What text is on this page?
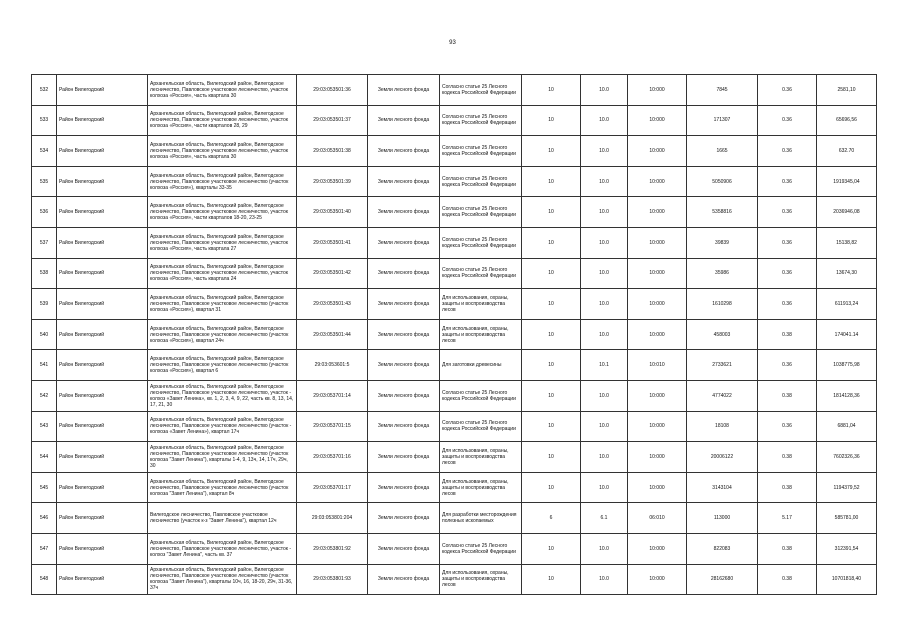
93
532	Район Вилегодский	Архангельская область, Вилегодский район, Вилегодское лесничество, Павловское участковое лесничество, участок колхоза «Россия», часть квартала 30	29:03:053501:36	Земли лесного фонда	Согласно статье 25 Лесного кодекса Российской Федерации	10	10.0	10:000	7845	0.36	2581,10
533	Район Вилегодский	Архангельская область, Вилегодский район, Вилегодское лесничество, Павловское участковое лесничество, участок колхоза «Россия», части кварталов 28, 29	29:03:053501:37	Земли лесного фонда	Согласно статье 25 Лесного кодекса Российской Федерации	10	10.0	10:000	171307	0.36	65696,56
534	Район Вилегодский	Архангельская область, Вилегодский район, Вилегодское лесничество, Павловское участковое лесничество, участок колхоза «Россия», часть квартала 30	29:03:053501:38	Земли лесного фонда	Согласно статье 25 Лесного кодекса Российской Федерации	10	10.0	10:000	1665	0.36	632.70
535	Район Вилегодский	Архангельская область, Вилегодский район, Вилегодское лесничество, Павловское участковое лесничество (участок колхоза «Россия»), кварталы 33-35	29:03:053501:39	Земли лесного фонда	Согласно статье 25 Лесного кодекса Российской Федерации	10	10.0	10:000	5050906	0.36	1919345,04
536	Район Вилегодский	Архангельская область, Вилегодский район, Вилегодское лесничество, Павловское участковое лесничество, участок колхоза «Россия», части кварталов 18-20, 23-25	29:03:053501:40	Земли лесного фонда	Согласно статье 25 Лесного кодекса Российской Федерации	10	10.0	10:000	5358816	0.36	2036946,08
537	Район Вилегодский	Архангельская область, Вилегодский район, Вилегодское лесничество, Павловское участковое лесничество, участок колхоза «Россия», часть квартала 27	29:03:053501:41	Земли лесного фонда	Согласно статье 25 Лесного кодекса Российской Федерации	10	10.0	10:000	39839	0.36	15138,82
538	Район Вилегодский	Архангельская область, Вилегодский район, Вилегодское лесничество, Павловское участковое лесничество, участок колхоза «Россия», часть квартала 24	29:03:053501:42	Земли лесного фонда	Согласно статье 25 Лесного кодекса Российской Федерации	10	10.0	10:000	35986	0.36	13674,30
539	Район Вилегодский	Архангельская область, Вилегодский район, Вилегодское лесничество, Павловское участковое лесничество (участок колхоза «Россия»), квартал 31	29:03:053501:43	Земли лесного фонда	Для использования, охраны, защиты и воспроизводства лесов	10	10.0	10:000	1610298	0.36	611913,24
540	Район Вилегодский	Архангельская область, Вилегодский район, Вилегодское лесничество, Павловское участковое лесничество (участок колхоза «Россия»), квартал 24ч	29:03:053501:44	Земли лесного фонда	Для использования, охраны, защиты и воспроизводства лесов	10	10.0	10:000	458003	0.38	174041.14
541	Район Вилегодский	Архангельская область, Вилегодский район, Вилегодское лесничество, Павловское участковое лесничество (участок колхоза «Россия»), квартал 6	29:03:053601:5	Земли лесного фонда	Для заготовки древесины	10	10.1	10:010	2733621	0.36	1038775,98
542	Район Вилегодский	Архангельская область, Вилегодский район, Вилегодское лесничество, Павловское участковое лесничество, участок - колхоз «Завет Ленина», кв. 1, 2, 3, 4, 9, 22, часть кв. 8, 13, 14, 17, 21, 30	29:03:053701:14	Земли лесного фонда	Согласно статье 25 Лесного кодекса Российской Федерации	10	10.0	10:000	4774022	0.38	1814128,36
543	Район Вилегодский	Архангельская область, Вилегодский район, Вилегодское лесничество, Павловское участковое лесничество (участок - колхоза «Завет Ленина»), квартал 17ч	29:03:053701:15	Земли лесного фонда	Согласно статье 25 Лесного кодекса Российской Федерации	10	10.0	10:000	18108	0.36	6881,04
544	Район Вилегодский	Архангельская область, Вилегодский район, Вилегодское лесничество, Павловское участковое лесничество (участок колхоза "Завет Ленина"), кварталы 1-4, 9, 13ч, 14, 17ч, 29ч, 30	29:03:053701:16	Земли лесного фонда	Для использования, охраны, защиты и воспроизводства лесов	10	10.0	10:000	20006122	0.38	7602326,36
545	Район Вилегодский	Архангельская область, Вилегодский район, Вилегодское лесничество, Павловское участковое лесничество (участок колхоза "Завет Ленина"), квартал 8ч	29:03:053701:17	Земли лесного фонда	Для использования, охраны, защиты и воспроизводства лесов	10	10.0	10:000	3143104	0.38	1194379,52
546	Район Вилегодский	Вилегодское лесничество, Павловское участковое лесничество (участок к-з "Завет Ленина"), квартал 12ч	29:03:053801:204	Земли лесного фонда	Для разработки месторождения полезных ископаемых	6	6.1	06:010	113000	5.17	585781,00
547	Район Вилегодский	Архангельская область, Вилегодский район, Вилегодское лесничество, Павловское участковое лесничество, участок - колхоз "Завет Ленина", часть кв. 37	29:03:053801:92	Земли лесного фонда	Согласно статье 25 Лесного кодекса Российской Федерации	10	10.0	10:000	822083	0.38	312391,54
548	Район Вилегодский	Архангельская область, Вилегодский район, Вилегодское лесничество, Павловское участковое лесничество (участок колхоза "Завет Ленина"), кварталы 10ч, 16, 18-20, 29ч, 31-36, 37ч	29:03:053801:93	Земли лесного фонда	Для использования, охраны, защиты и воспроизводства лесов	10	10.0	10:000	28162680	0.38	10701818,40
